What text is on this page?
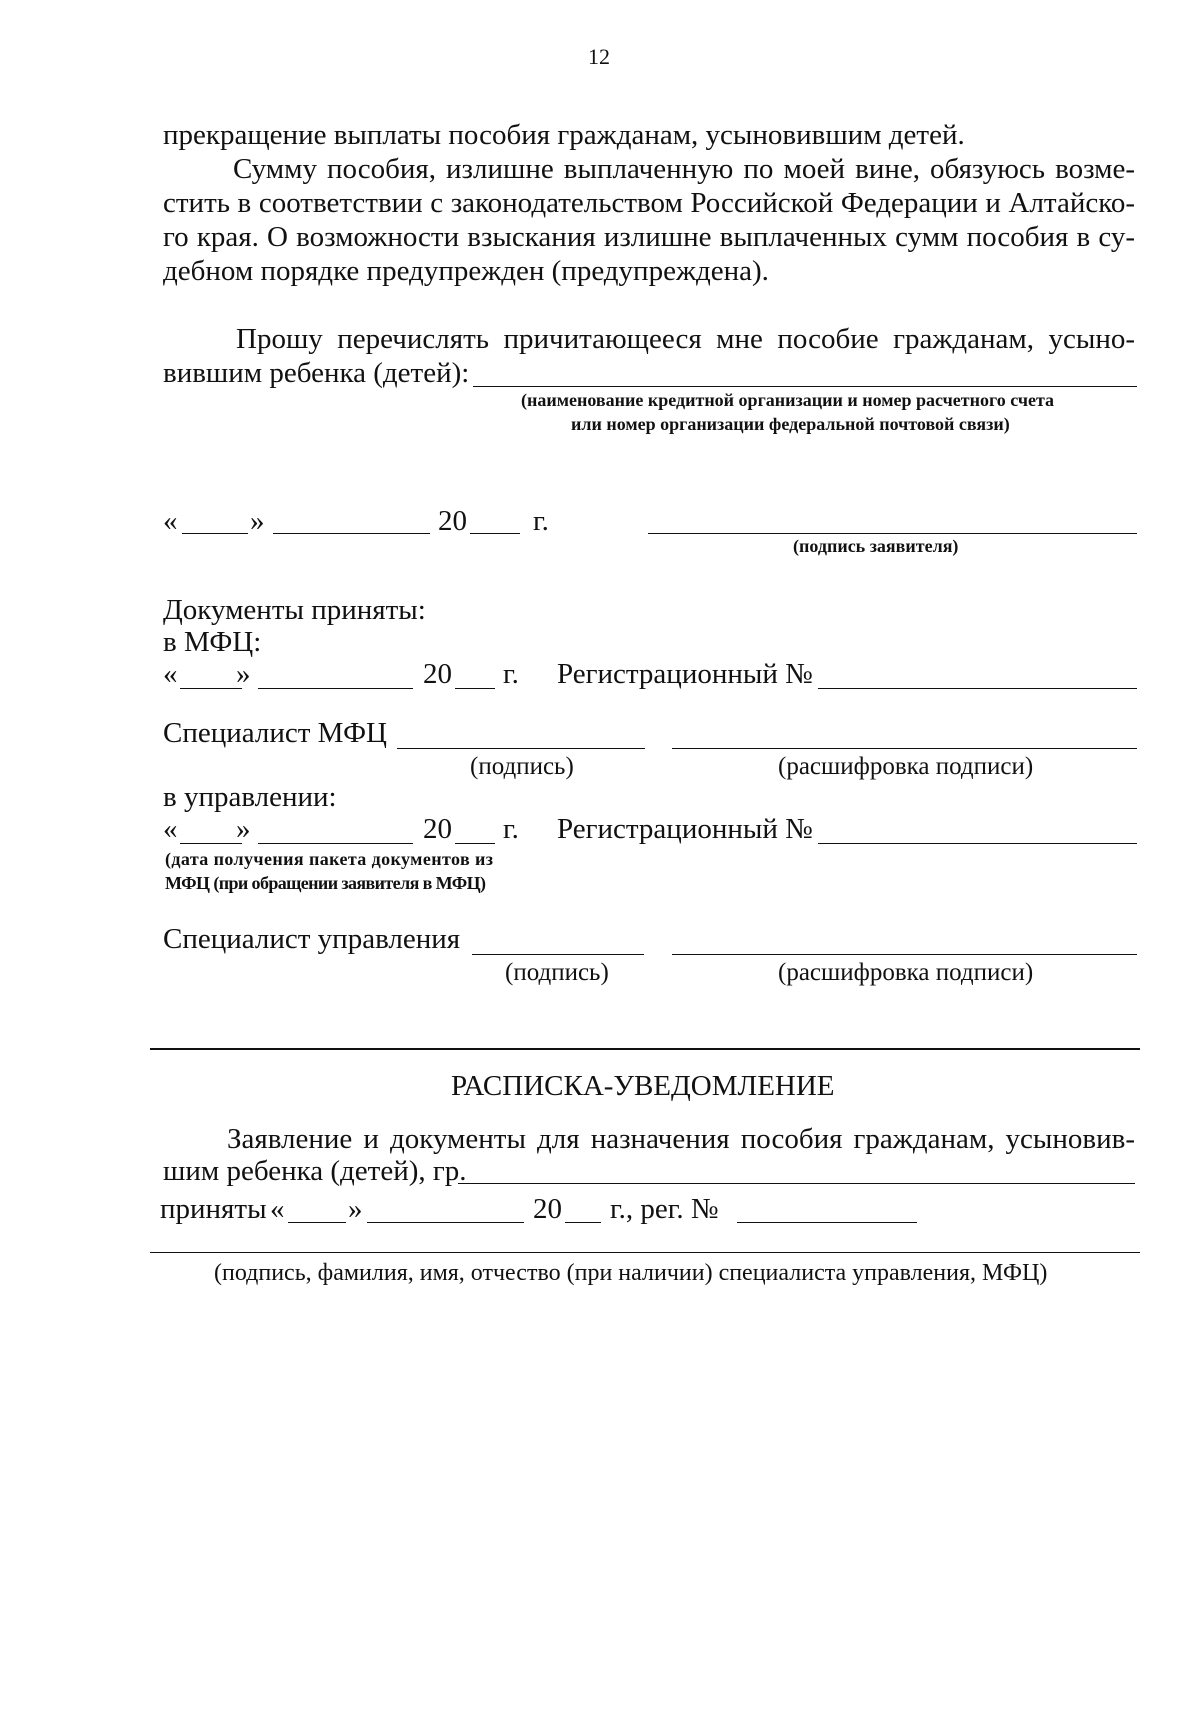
12
прекращение выплаты пособия гражданам, усыновившим детей.
Сумму пособия, излишне выплаченную по моей вине, обязуюсь возме-
стить в соответствии с законодательством Российской Федерации и Алтайско-
го края. О возможности взыскания излишне выплаченных сумм пособия в су-
дебном порядке предупрежден (предупреждена).
Прошу перечислять причитающееся мне пособие гражданам, усыно-
вившим ребенка (детей):
(наименование кредитной организации и номер расчетного счета
или номер организации федеральной почтовой связи)
«	»	20 г.
(подпись заявителя)
Документы приняты:
в МФЦ:
« »	20 г. Регистрационный №
Специалист МФЦ
(подпись)	(расшифровка подписи)
в управлении:
« »	20 г. Регистрационный №
(дата получения пакета документов из
МФЦ (при обращении заявителя в МФЦ)
Специалист управления
(подпись)	(расшифровка подписи)
РАСПИСКА-УВЕДОМЛЕНИЕ
Заявление и документы для назначения пособия гражданам, усыновив-
шим ребенка (детей), гр.
приняты « »	20 г., рег. №
(подпись, фамилия, имя, отчество (при наличии) специалиста управления, МФЦ)
